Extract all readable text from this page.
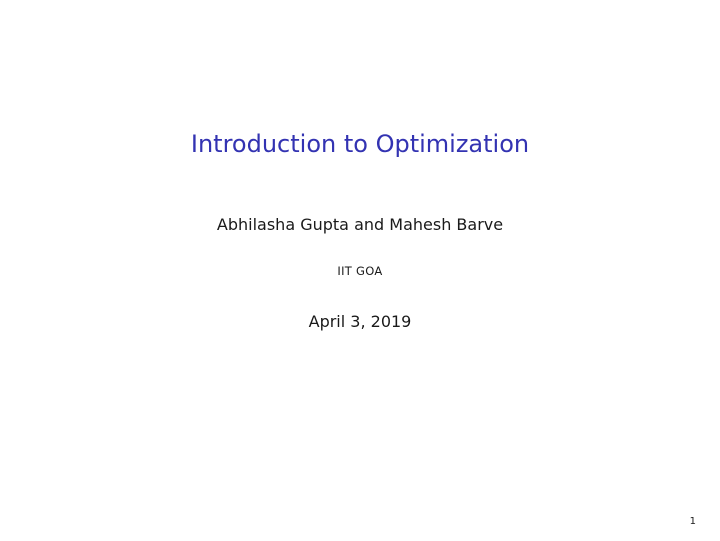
Introduction to Optimization

Abhilasha Gupta and Mahesh Barve

IIT GOA

April 3, 2019

1
